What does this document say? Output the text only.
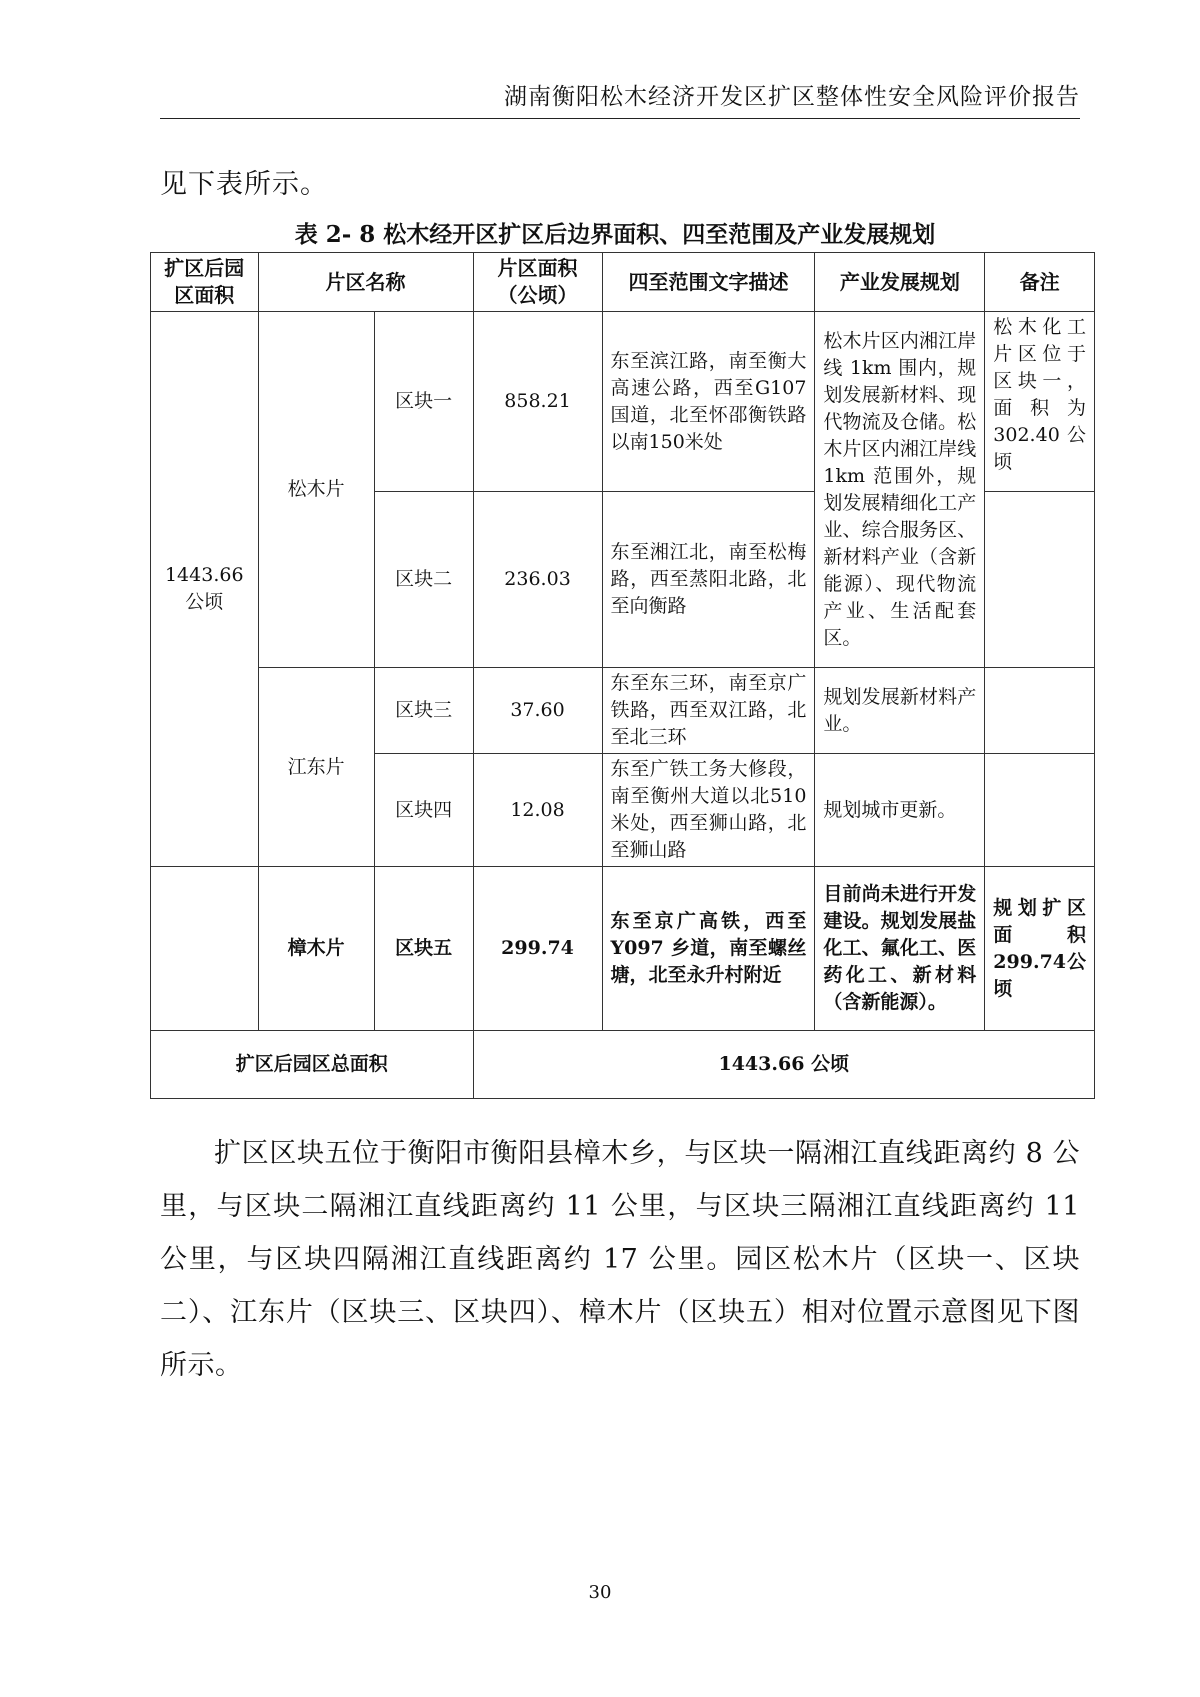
湖南衡阳松木经济开发区扩区整体性安全风险评价报告
见下表所示。
表 2- 8 松木经开区扩区后边界面积、四至范围及产业发展规划
扩区后园区面积	片区名称		片区面积（公顷）	四至范围文字描述	产业发展规划	备注
1443.66 公顷	松木片	区块一	858.21	东至滨江路，南至衡大高速公路，西至G107国道，北至怀邵衡铁路以南150米处	松木片区内湘江岸线 1km 围内，规划发展新材料、现代物流及仓储。松木片区内湘江岸线 1km 范围外，规划发展精细化工产业、综合服务区、新材料产业（含新能源）、现代物流产业、生活配套区。	松木化工片区位于区块一，面积为 302.40公顷
		区块二	236.03	东至湘江北，南至松梅路，西至蒸阳北路，北至向衡路		
	江东片	区块三	37.60	东至东三环，南至京广铁路，西至双江路，北至北三环	规划发展新材料产业。	
		区块四	12.08	东至广铁工务大修段，南至衡州大道以北510米处，西至狮山路，北至狮山路	规划城市更新。	
	樟木片	区块五	299.74	东至京广高铁，西至Y097 乡道，南至螺丝塘，北至永升村附近	目前尚未进行开发建设。规划发展盐化工、氟化工、医药化工、新材料（含新能源）。	规划扩区面积299.74公顷
扩区后园区总面积			1443.66 公顷			
扩区区块五位于衡阳市衡阳县樟木乡，与区块一隔湘江直线距离约 8 公里，与区块二隔湘江直线距离约 11 公里，与区块三隔湘江直线距离约 11 公里，与区块四隔湘江直线距离约 17 公里。园区松木片（区块一、区块二）、江东片（区块三、区块四）、樟木片（区块五）相对位置示意图见下图所示。
30
